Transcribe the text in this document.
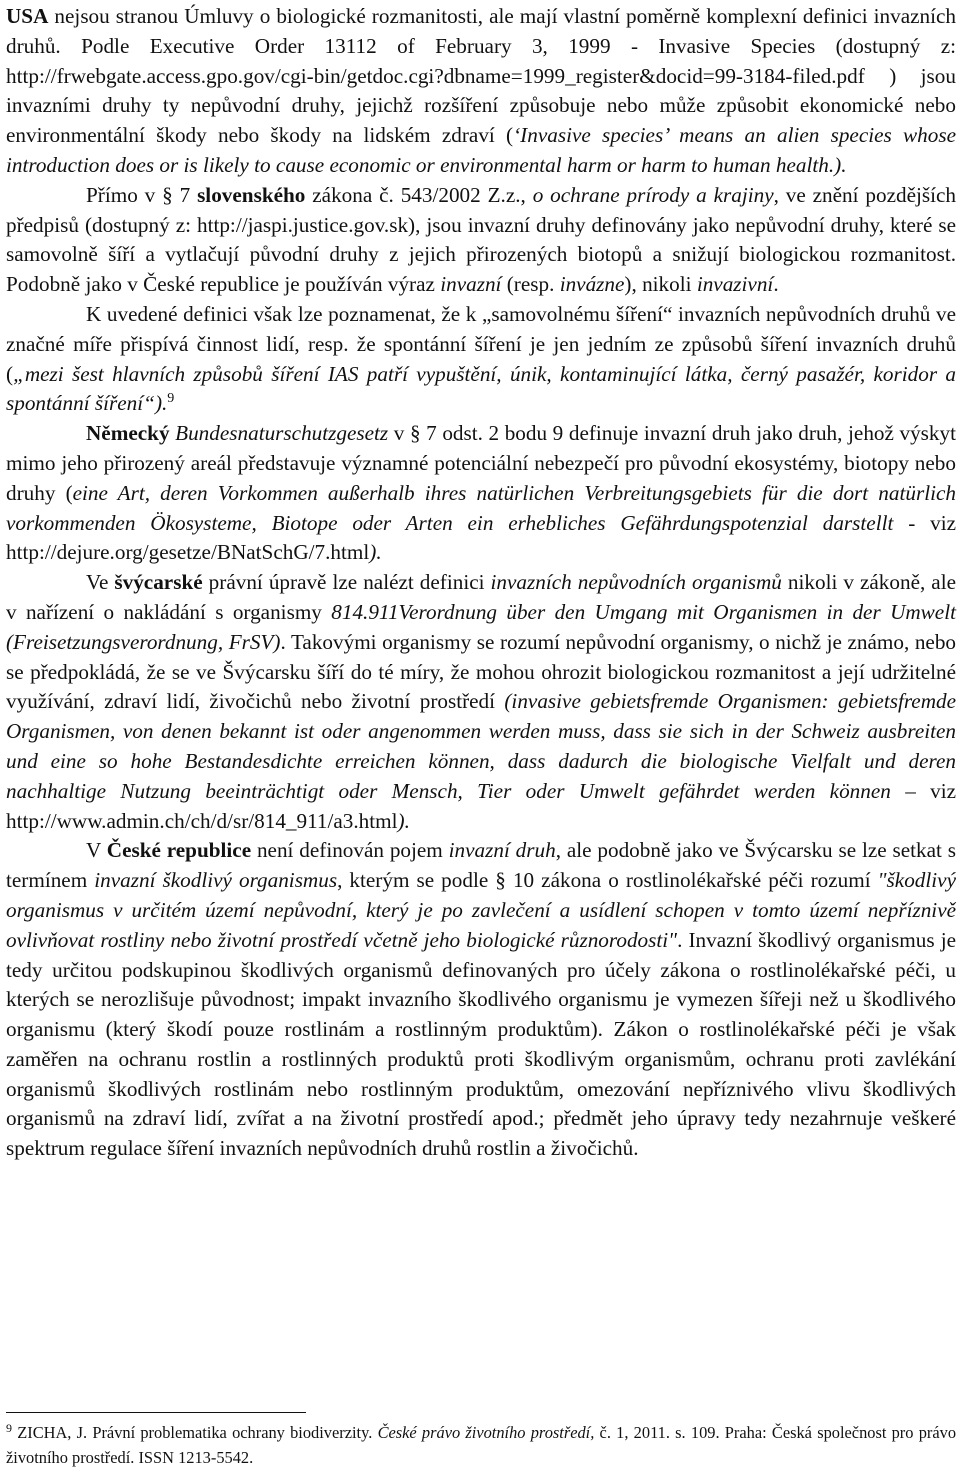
USA nejsou stranou Úmluvy o biologické rozmanitosti, ale mají vlastní poměrně komplexní definici invazních druhů. Podle Executive Order 13112 of February 3, 1999 - Invasive Species (dostupný z: http://frwebgate.access.gpo.gov/cgi-bin/getdoc.cgi?dbname=1999_register&docid=99-3184-filed.pdf ) jsou invazními druhy ty nepůvodní druhy, jejichž rozšíření způsobuje nebo může způsobit ekonomické nebo environmentální škody nebo škody na lidském zdraví (‘Invasive species’ means an alien species whose introduction does or is likely to cause economic or environmental harm or harm to human health.).

Přímo v § 7 slovenského zákona č. 543/2002 Z.z., o ochrane prírody a krajiny, ve znění pozdějších předpisů (dostupný z: http://jaspi.justice.gov.sk), jsou invazní druhy definovány jako nepůvodní druhy, které se samovolně šíří a vytlačují původní druhy z jejich přirozených biotopů a snižují biologickou rozmanitost. Podobně jako v České republice je používán výraz invazní (resp. invázne), nikoli invazivní.

K uvedené definici však lze poznamenat, že k „samovolnému šíření“ invazních nepůvodních druhů ve značné míře přispívá činnost lidí, resp. že spontánní šíření je jen jedním ze způsobů šíření invazních druhů („mezi šest hlavních způsobů šíření IAS patří vypuštění, únik, kontaminující látka, černý pasažér, koridor a spontánní šíření“).$^9$

Německý Bundesnaturschutzgesetz v § 7 odst. 2 bodu 9 definuje invazní druh jako druh, jehož výskyt mimo jeho přirozený areál představuje významné potenciální nebezpečí pro původní ekosystémy, biotopy nebo druhy (eine Art, deren Vorkommen außerhalb ihres natürlichen Verbreitungsgebiets für die dort natürlich vorkommenden Ökosysteme, Biotope oder Arten ein erhebliches Gefährdungspotenzial darstellt - viz http://dejure.org/gesetze/BNatSchG/7.html).

Ve švýcarské právní úpravě lze nalézt definici invazních nepůvodních organismů nikoli v zákoně, ale v nařízení o nakládání s organismy 814.911Verordnung über den Umgang mit Organismen in der Umwelt (Freisetzungsverordnung, FrSV). Takovými organismy se rozumí nepůvodní organismy, o nichž je známo, nebo se předpokládá, že se ve Švýcarsku šíří do té míry, že mohou ohrozit biologickou rozmanitost a její udržitelné využívání, zdraví lidí, živočichů nebo životní prostředí (invasive gebietsfremde Organismen: gebietsfremde Organismen, von denen bekannt ist oder angenommen werden muss, dass sie sich in der Schweiz ausbreiten und eine so hohe Bestandesdichte erreichen können, dass dadurch die biologische Vielfalt und deren nachhaltige Nutzung beeinträchtigt oder Mensch, Tier oder Umwelt gefährdet werden können – viz http://www.admin.ch/ch/d/sr/814_911/a3.html).

V České republice není definován pojem invazní druh, ale podobně jako ve Švýcarsku se lze setkat s termínem invazní škodlivý organismus, kterým se podle § 10 zákona o rostlinolékařské péči rozumí "škodlivý organismus v určitém území nepůvodní, který je po zavlečení a usídlení schopen v tomto území nepříznivě ovlivňovat rostliny nebo životní prostředí včetně jeho biologické různorodosti". Invazní škodlivý organismus je tedy určitou podskupinou škodlivých organismů definovaných pro účely zákona o rostlinolékařské péči, u kterých se nerozlišuje původnost; impakt invazního škodlivého organismu je vymezen šířeji než u škodlivého organismu (který škodí pouze rostlinám a rostlinným produktům). Zákon o rostlinolékařské péči je však zaměřen na ochranu rostlin a rostlinných produktů proti škodlivým organismům, ochranu proti zavlékání organismů škodlivých rostlinám nebo rostlinným produktům, omezování nepříznivého vlivu škodlivých organismů na zdraví lidí, zvířat a na životní prostředí apod.; předmět jeho úpravy tedy nezahrnuje veškeré spektrum regulace šíření invazních nepůvodních druhů rostlin a živočichů.

$^9$ ZICHA, J. Právní problematika ochrany biodiverzity. České právo životního prostředí, č. 1, 2011. s. 109. Praha: Česká společnost pro právo životního prostředí. ISSN 1213-5542.
